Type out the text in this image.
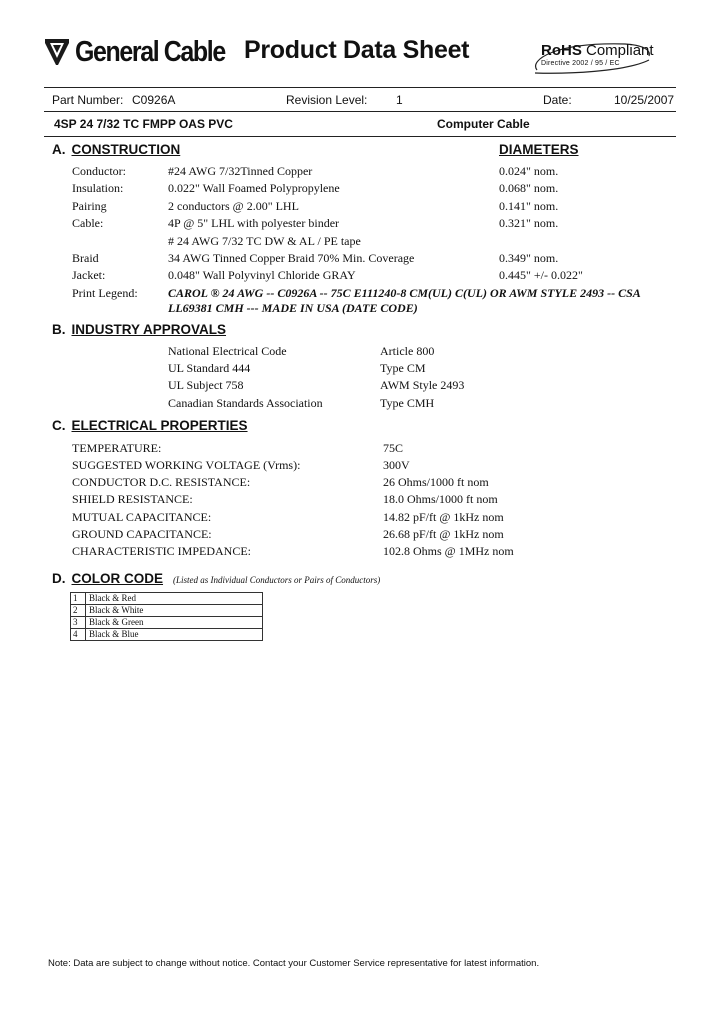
General Cable Product Data Sheet	RoHS Compliant
Directive 2002 / 95 / EC
Part Number: C0926A	Revision Level: 1	Date:	10/25/2007
4SP 24 7/32 TC FMPP OAS PVC	Computer Cable
A. CONSTRUCTION	DIAMETERS
Conductor:	#24 AWG 7/32Tinned Copper	0.024" nom.
Insulation:	0.022" Wall Foamed Polypropylene	0.068" nom.
Pairing	2 conductors @ 2.00" LHL	0.141" nom.
Cable:	4P @ 5" LHL with polyester binder	0.321" nom.
# 24 AWG 7/32 TC DW & AL / PE tape
Braid	34 AWG Tinned Copper Braid 70% Min. Coverage	0.349" nom.
Jacket:	0.048" Wall Polyvinyl Chloride GRAY	0.445" +/- 0.022"
Print Legend:	CAROL ® 24 AWG -- C0926A -- 75C E111240-8 CM(UL) C(UL) OR AWM STYLE 2493 -- CSA LL69381 CMH --- MADE IN USA (DATE CODE)
B. INDUSTRY APPROVALS
National Electrical Code	Article 800
UL Standard 444	Type CM
UL Subject 758	AWM Style 2493
Canadian Standards Association	Type CMH
C. ELECTRICAL PROPERTIES
TEMPERATURE:	75C
SUGGESTED WORKING VOLTAGE (Vrms):	300V
CONDUCTOR D.C. RESISTANCE:	26 Ohms/1000 ft nom
SHIELD RESISTANCE:	18.0 Ohms/1000 ft nom
MUTUAL CAPACITANCE:	14.82 pF/ft @ 1kHz nom
GROUND CAPACITANCE:	26.68 pF/ft @ 1kHz nom
CHARACTERISTIC IMPEDANCE:	102.8 Ohms @ 1MHz nom
D. COLOR CODE (Listed as Individual Conductors or Pairs of Conductors)
1	Black & Red
2	Black & White
3	Black & Green
4	Black & Blue
Note: Data are subject to change without notice. Contact your Customer Service representative for latest information.
